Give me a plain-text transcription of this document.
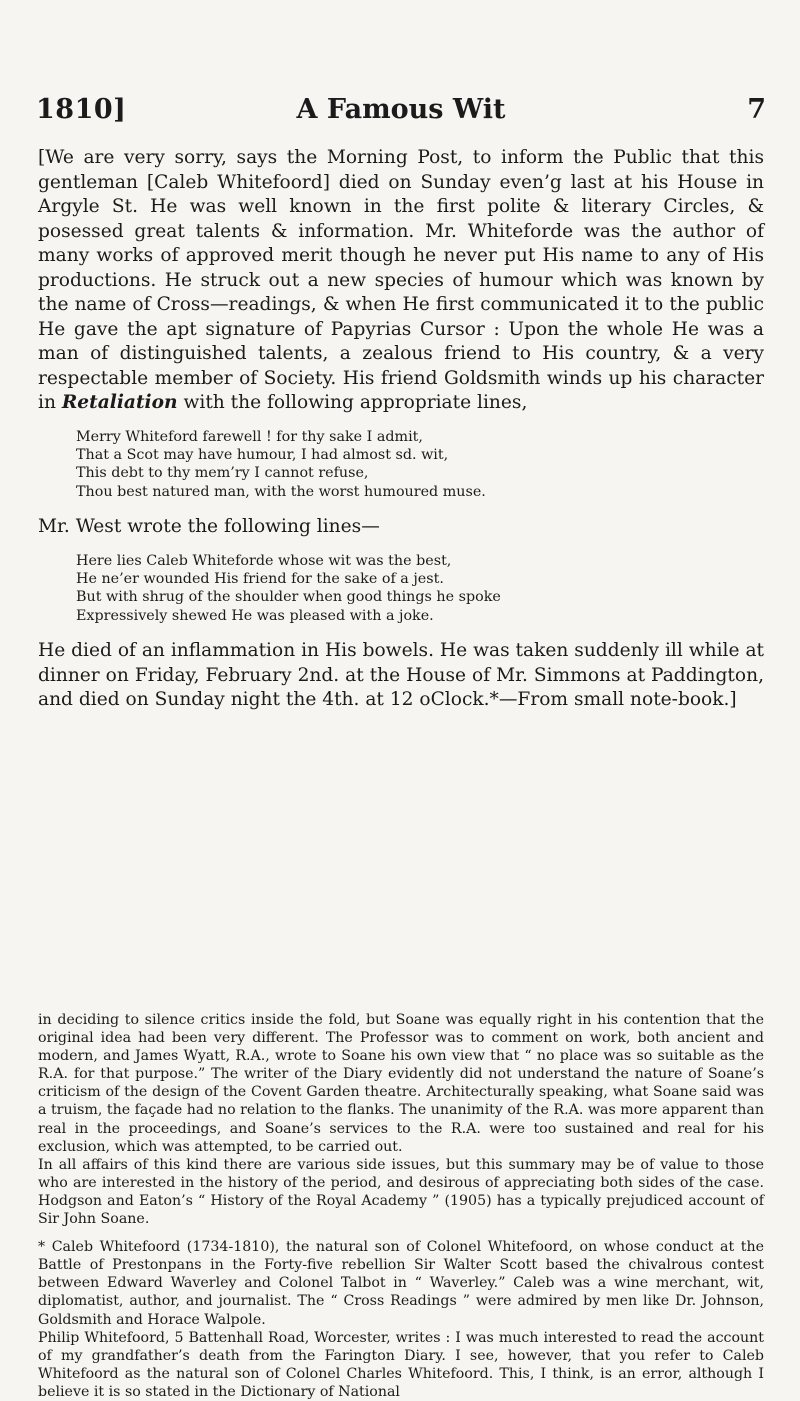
1810]	A Famous Wit	7

[We are very sorry, says the Morning Post, to inform the Public that this gentleman [Caleb Whitefoord] died on Sunday even’g last at his House in Argyle St. He was well known in the first polite & literary Circles, & posessed great talents & information. Mr. Whiteforde was the author of many works of approved merit though he never put His name to any of His productions. He struck out a new species of humour which was known by the name of Cross—readings, & when He first communicated it to the public He gave the apt signature of Papyrias Cursor : Upon the whole He was a man of distinguished talents, a zealous friend to His country, & a very respectable member of Society. His friend Goldsmith winds up his character in Retaliation with the following appropriate lines,

Merry Whiteford farewell ! for thy sake I admit,
That a Scot may have humour, I had almost sd. wit,
This debt to thy mem’ry I cannot refuse,
Thou best natured man, with the worst humoured muse.

Mr. West wrote the following lines—

Here lies Caleb Whiteforde whose wit was the best,
He ne’er wounded His friend for the sake of a jest.
But with shrug of the shoulder when good things he spoke
Expressively shewed He was pleased with a joke.

He died of an inflammation in His bowels. He was taken suddenly ill while at dinner on Friday, February 2nd. at the House of Mr. Simmons at Paddington, and died on Sunday night the 4th. at 12 oClock.*—From small note-book.]

in deciding to silence critics inside the fold, but Soane was equally right in his contention that the original idea had been very different. The Professor was to comment on work, both ancient and modern, and James Wyatt, R.A., wrote to Soane his own view that “ no place was so suitable as the R.A. for that purpose.” The writer of the Diary evidently did not understand the nature of Soane’s criticism of the design of the Covent Garden theatre. Architecturally speaking, what Soane said was a truism, the façade had no relation to the flanks. The unanimity of the R.A. was more apparent than real in the proceedings, and Soane’s services to the R.A. were too sustained and real for his exclusion, which was attempted, to be carried out.

In all affairs of this kind there are various side issues, but this summary may be of value to those who are interested in the history of the period, and desirous of appreciating both sides of the case. Hodgson and Eaton’s “ History of the Royal Academy ” (1905) has a typically prejudiced account of Sir John Soane.

* Caleb Whitefoord (1734-1810), the natural son of Colonel Whitefoord, on whose conduct at the Battle of Prestonpans in the Forty-five rebellion Sir Walter Scott based the chivalrous contest between Edward Waverley and Colonel Talbot in “ Waverley.” Caleb was a wine merchant, wit, diplomatist, author, and journalist. The “ Cross Readings ” were admired by men like Dr. Johnson, Goldsmith and Horace Walpole.

Philip Whitefoord, 5 Battenhall Road, Worcester, writes : I was much interested to read the account of my grandfather’s death from the Farington Diary. I see, however, that you refer to Caleb Whitefoord as the natural son of Colonel Charles Whitefoord. This, I think, is an error, although I believe it is so stated in the Dictionary of National
